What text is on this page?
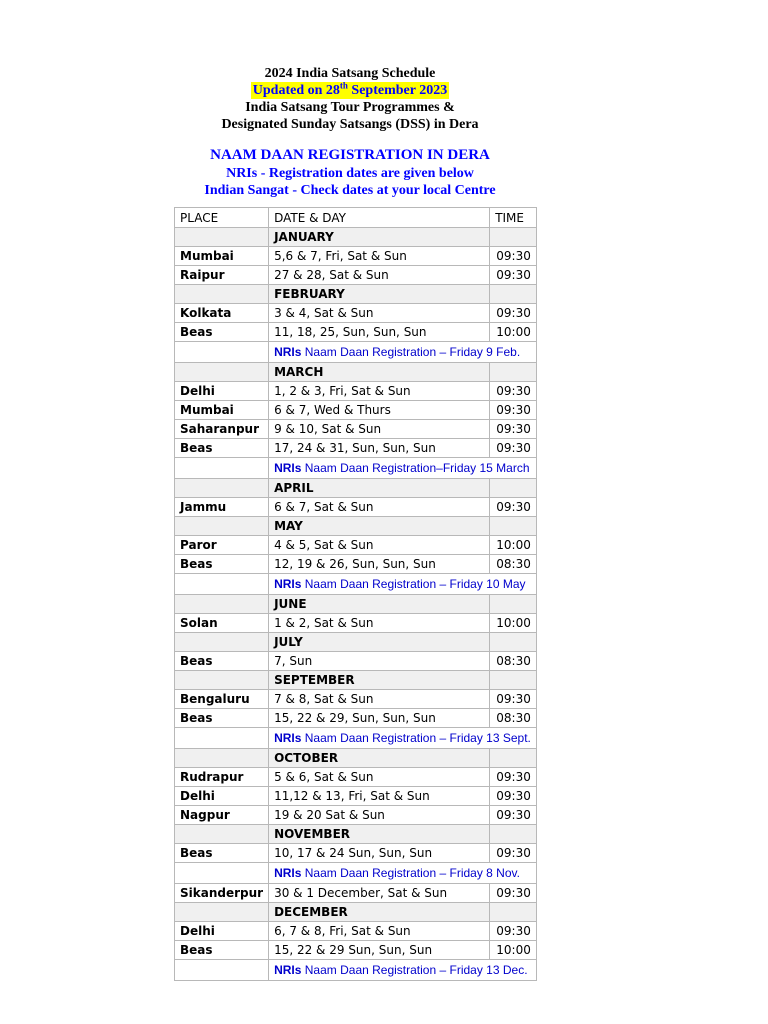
2024 India Satsang Schedule
Updated on 28th September 2023
India Satsang Tour Programmes &
Designated Sunday Satsangs (DSS) in Dera
NAAM DAAN REGISTRATION IN DERA
NRIs - Registration dates are given below
Indian Sangat - Check dates at your local Centre
PLACE	DATE & DAY	TIME
	JANUARY	
Mumbai	5,6 & 7, Fri, Sat & Sun	09:30
Raipur	27 & 28, Sat & Sun	09:30
	FEBRUARY	
Kolkata	3 & 4, Sat & Sun	09:30
Beas	11, 18, 25, Sun, Sun, Sun	10:00
	NRIs Naam Daan Registration – Friday 9 Feb.	
	MARCH	
Delhi	1, 2 & 3, Fri, Sat & Sun	09:30
Mumbai	6 & 7, Wed & Thurs	09:30
Saharanpur	9 & 10, Sat & Sun	09:30
Beas	17, 24 & 31, Sun, Sun, Sun	09:30
	NRIs Naam Daan Registration–Friday 15 March	
	APRIL	
Jammu	6 & 7, Sat & Sun	09:30
	MAY	
Paror	4 & 5, Sat & Sun	10:00
Beas	12, 19 & 26, Sun, Sun, Sun	08:30
	NRIs Naam Daan Registration – Friday 10 May	
	JUNE	
Solan	1 & 2, Sat & Sun	10:00
	JULY	
Beas	7, Sun	08:30
	SEPTEMBER	
Bengaluru	7 & 8, Sat & Sun	09:30
Beas	15, 22 & 29, Sun, Sun, Sun	08:30
	NRIs Naam Daan Registration – Friday 13 Sept.	
	OCTOBER	
Rudrapur	5 & 6, Sat & Sun	09:30
Delhi	11,12 & 13, Fri, Sat & Sun	09:30
Nagpur	19 & 20 Sat & Sun	09:30
	NOVEMBER	
Beas	10, 17 & 24 Sun, Sun, Sun	09:30
	NRIs Naam Daan Registration – Friday 8 Nov.	
Sikanderpur	30 & 1 December, Sat & Sun	09:30
	DECEMBER	
Delhi	6, 7 & 8, Fri, Sat & Sun	09:30
Beas	15, 22 & 29 Sun, Sun, Sun	10:00
	NRIs Naam Daan Registration – Friday 13 Dec.	
